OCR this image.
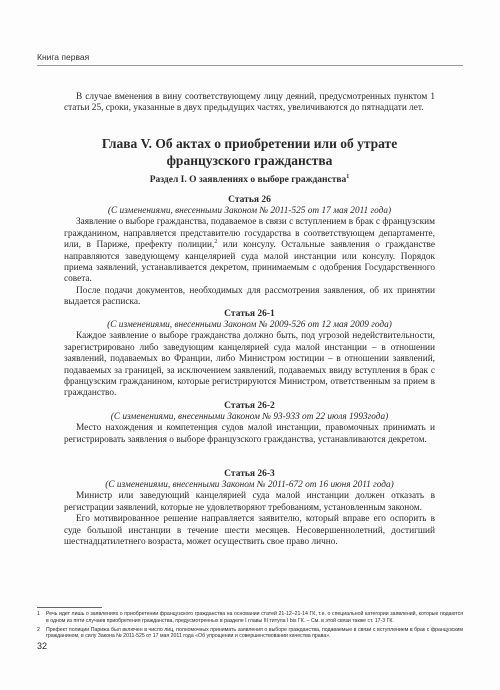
Книга первая

В случае вменения в вину соответствующему лицу деяний, предусмотренных пунктом 1 статьи 25, сроки, указанные в двух предыдущих частях, увеличиваются до пятнадцати лет.

Глава V. Об актах о приобретении или об утрате французского гражданства
Раздел I. О заявлениях о выборе гражданства$^1$
Статья 26
(С изменениями, внесенными Законом № 2011-525 от 17 мая 2011 года)

Заявление о выборе гражданства, подаваемое в связи с вступлением в брак с французским гражданином, направляется представителю государства в соответствующем департаменте, или, в Париже, префекту полиции,$^2$ или консулу. Остальные заявления о гражданстве направляются заведующему канцелярией суда малой инстанции или консулу. Порядок приема заявлений, устанавливается декретом, принимаемым с одобрения Государственного совета.

После подачи документов, необходимых для рассмотрения заявления, об их принятии выдается расписка.

Статья 26-1
(С изменениями, внесенными Законом № 2009-526 от 12 мая 2009 года)

Каждое заявление о выборе гражданства должно быть, под угрозой недействительности, зарегистрировано либо заведующим канцелярией суда малой инстанции – в отношении заявлений, подаваемых во Франции, либо Министром юстиции – в отношении заявлений, подаваемых за границей, за исключением заявлений, подаваемых ввиду вступления в брак с французским гражданином, которые регистрируются Министром, ответственным за прием в гражданство.

Статья 26-2
(С изменениями, внесенными Законом № 93-933 от 22 июля 1993года)

Место нахождения и компетенция судов малой инстанции, правомочных принимать и регистрировать заявления о выборе французского гражданства, устанавливаются декретом.

Статья 26-3
(С изменениями, внесенными Законом № 2011-672 от 16 июня 2011 года)

Министр или заведующий канцелярией суда малой инстанции должен отказать в регистрации заявлений, которые не удовлетворяют требованиям, установленным законом.

Его мотивированное решение направляется заявителю, который вправе его оспорить в суде большой инстанции в течение шести месяцев. Несовершеннолетний, достигший шестнадцатилетнего возраста, может осуществить свое право лично.

1 Речь идет лишь о заявлениях о приобретении французского гражданства на основании статей 21-12–21-14 ГК, т.е. о специальной категории заявлений, которые подаются в одном из пяти случаев приобретения гражданства, предусмотренных в разделе I главы III титула I bis ГК. – См. в этой связи также ст. 17-3 ГК.
2 Префект полиции Парижа был включен в число лиц, полномочных принимать заявления о выборе гражданства, подаваемые в связи с вступлением в брак с французским гражданином, в силу Закона № 2011-525 от 17 мая 2011 года «Об упрощении и совершенствовании качества права».
32
